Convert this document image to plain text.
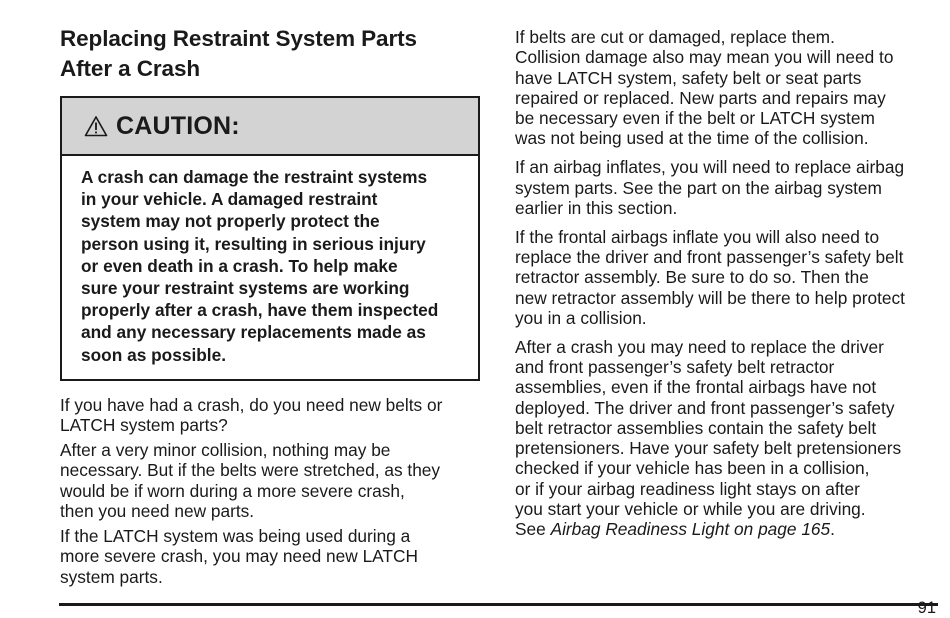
Replacing Restraint System Parts
After a Crash
CAUTION:
A crash can damage the restraint systems
in your vehicle. A damaged restraint
system may not properly protect the
person using it, resulting in serious injury
or even death in a crash. To help make
sure your restraint systems are working
properly after a crash, have them inspected
and any necessary replacements made as
soon as possible.
If you have had a crash, do you need new belts or
LATCH system parts?
After a very minor collision, nothing may be
necessary. But if the belts were stretched, as they
would be if worn during a more severe crash,
then you need new parts.
If the LATCH system was being used during a
more severe crash, you may need new LATCH
system parts.
If belts are cut or damaged, replace them.
Collision damage also may mean you will need to
have LATCH system, safety belt or seat parts
repaired or replaced. New parts and repairs may
be necessary even if the belt or LATCH system
was not being used at the time of the collision.
If an airbag inflates, you will need to replace airbag
system parts. See the part on the airbag system
earlier in this section.
If the frontal airbags inflate you will also need to
replace the driver and front passenger’s safety belt
retractor assembly. Be sure to do so. Then the
new retractor assembly will be there to help protect
you in a collision.
After a crash you may need to replace the driver
and front passenger’s safety belt retractor
assemblies, even if the frontal airbags have not
deployed. The driver and front passenger’s safety
belt retractor assemblies contain the safety belt
pretensioners. Have your safety belt pretensioners
checked if your vehicle has been in a collision,
or if your airbag readiness light stays on after
you start your vehicle or while you are driving.
See Airbag Readiness Light on page 165.
91
